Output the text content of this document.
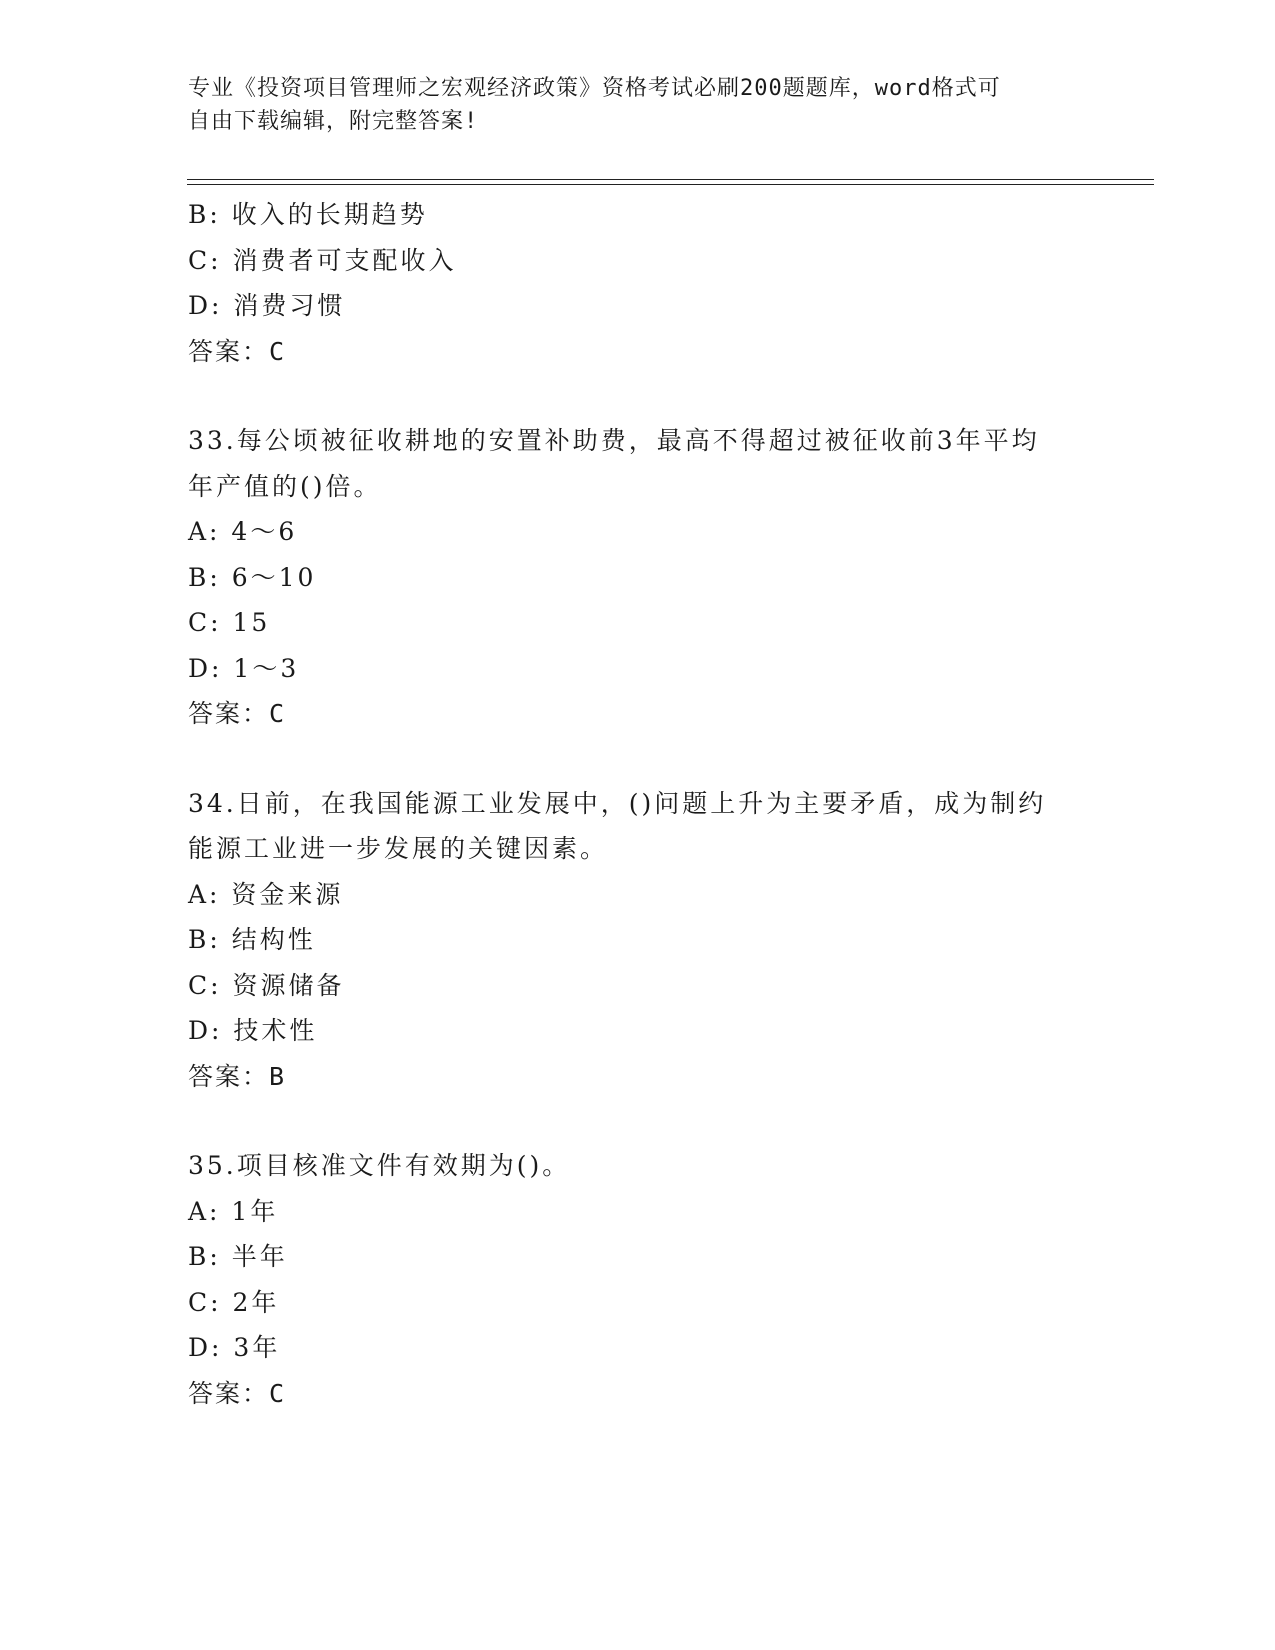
专业《投资项目管理师之宏观经济政策》资格考试必刷200题题库，word格式可
自由下载编辑，附完整答案!
B: 收入的长期趋势
C: 消费者可支配收入
D: 消费习惯
答案：C
33.每公顷被征收耕地的安置补助费，最高不得超过被征收前3年平均
年产值的()倍。
A: 4～6
B: 6～10
C: 15
D: 1～3
答案：C
34.日前，在我国能源工业发展中，()问题上升为主要矛盾，成为制约
能源工业进一步发展的关键因素。
A: 资金来源
B: 结构性
C: 资源储备
D: 技术性
答案：B
35.项目核准文件有效期为()。
A: 1年
B: 半年
C: 2年
D: 3年
答案：C
